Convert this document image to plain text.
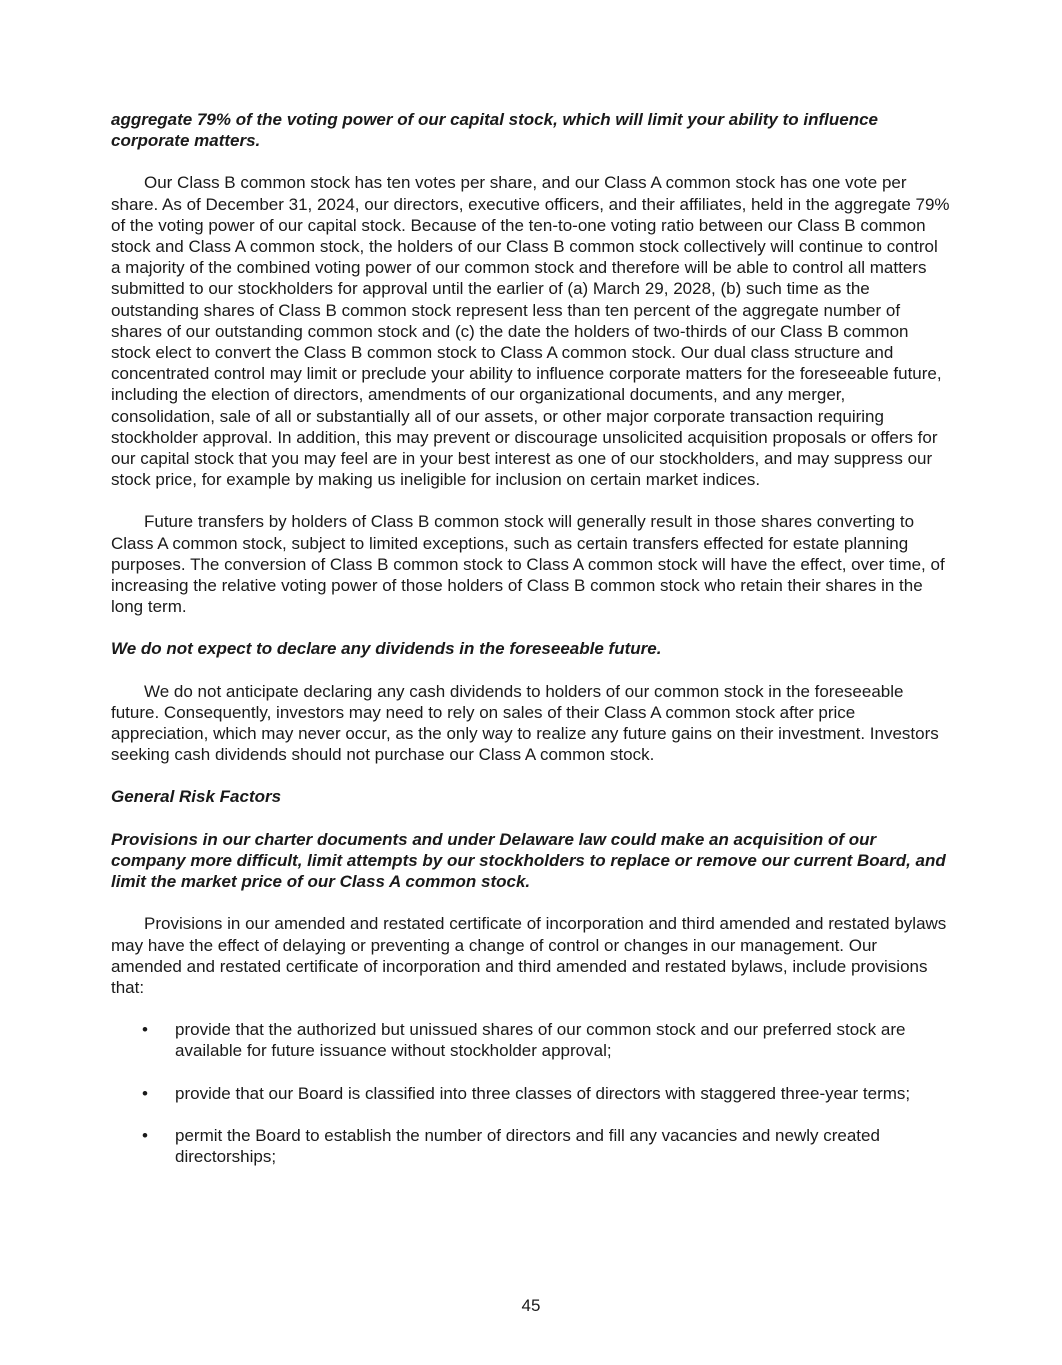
aggregate 79% of the voting power of our capital stock, which will limit your ability to influence corporate matters.

Our Class B common stock has ten votes per share, and our Class A common stock has one vote per share. As of December 31, 2024, our directors, executive officers, and their affiliates, held in the aggregate 79% of the voting power of our capital stock. Because of the ten-to-one voting ratio between our Class B common stock and Class A common stock, the holders of our Class B common stock collectively will continue to control a majority of the combined voting power of our common stock and therefore will be able to control all matters submitted to our stockholders for approval until the earlier of (a) March 29, 2028, (b) such time as the outstanding shares of Class B common stock represent less than ten percent of the aggregate number of shares of our outstanding common stock and (c) the date the holders of two-thirds of our Class B common stock elect to convert the Class B common stock to Class A common stock. Our dual class structure and concentrated control may limit or preclude your ability to influence corporate matters for the foreseeable future, including the election of directors, amendments of our organizational documents, and any merger, consolidation, sale of all or substantially all of our assets, or other major corporate transaction requiring stockholder approval. In addition, this may prevent or discourage unsolicited acquisition proposals or offers for our capital stock that you may feel are in your best interest as one of our stockholders, and may suppress our stock price, for example by making us ineligible for inclusion on certain market indices.

Future transfers by holders of Class B common stock will generally result in those shares converting to Class A common stock, subject to limited exceptions, such as certain transfers effected for estate planning purposes. The conversion of Class B common stock to Class A common stock will have the effect, over time, of increasing the relative voting power of those holders of Class B common stock who retain their shares in the long term.

We do not expect to declare any dividends in the foreseeable future.

We do not anticipate declaring any cash dividends to holders of our common stock in the foreseeable future. Consequently, investors may need to rely on sales of their Class A common stock after price appreciation, which may never occur, as the only way to realize any future gains on their investment. Investors seeking cash dividends should not purchase our Class A common stock.

General Risk Factors

Provisions in our charter documents and under Delaware law could make an acquisition of our company more difficult, limit attempts by our stockholders to replace or remove our current Board, and limit the market price of our Class A common stock.

Provisions in our amended and restated certificate of incorporation and third amended and restated bylaws may have the effect of delaying or preventing a change of control or changes in our management. Our amended and restated certificate of incorporation and third amended and restated bylaws, include provisions that:

• provide that the authorized but unissued shares of our common stock and our preferred stock are available for future issuance without stockholder approval;
• provide that our Board is classified into three classes of directors with staggered three-year terms;
• permit the Board to establish the number of directors and fill any vacancies and newly created directorships;
45
